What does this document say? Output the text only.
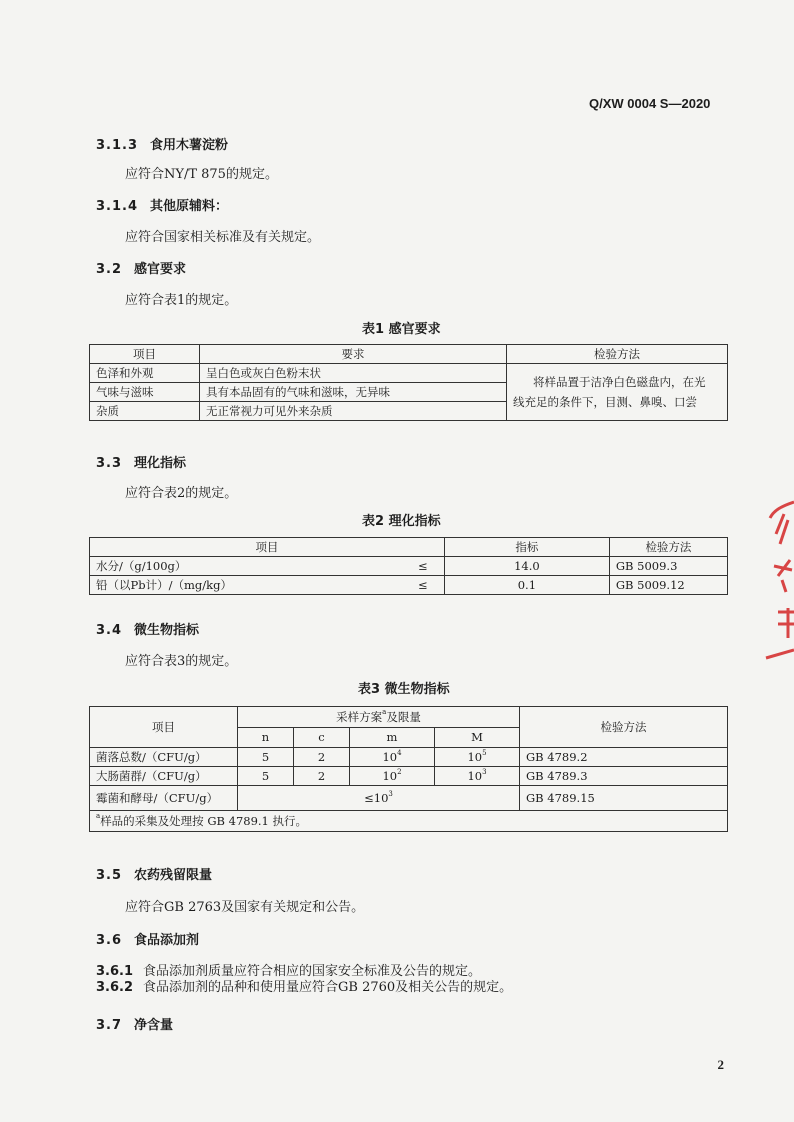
Q/XW 0004 S—2020
3.1.3 食用木薯淀粉
应符合NY/T 875的规定。
3.1.4 其他原辅料：
应符合国家相关标准及有关规定。
3.2 感官要求
应符合表1的规定。
表1 感官要求
项目	要求	检验方法
色泽和外观	呈白色或灰白色粉末状	将样品置于洁净白色磁盘内，在光
线充足的条件下，目测、鼻嗅、口尝

气味与滋味	具有本品固有的气味和滋味，无异味	
杂质	无正常视力可见外来杂质	
3.3 理化指标
应符合表2的规定。
表2 理化指标
项目		指标	检验方法
水分/（g/100g）	≤	14.0	GB 5009.3
铅（以Pb计）/（mg/kg）	≤	0.1	GB 5009.12
3.4 微生物指标
应符合表3的规定。
表3 微生物指标
项目	采样方案$^a$及限量				检验方法
	n	c	m	M	
菌落总数/（CFU/g）	5	2	$10^4$	$10^5$	GB 4789.2
大肠菌群/（CFU/g）	5	2	$10^2$	$10^3$	GB 4789.3
霉菌和酵母/（CFU/g）	$\le 10^3$				GB 4789.15
$^a$样品的采集及处理按 GB 4789.1 执行。					
3.5 农药残留限量
应符合GB 2763及国家有关规定和公告。
3.6 食品添加剂
3.6.1 食品添加剂质量应符合相应的国家安全标准及公告的规定。
3.6.2 食品添加剂的品种和使用量应符合GB 2760及相关公告的规定。
3.7 净含量
2
